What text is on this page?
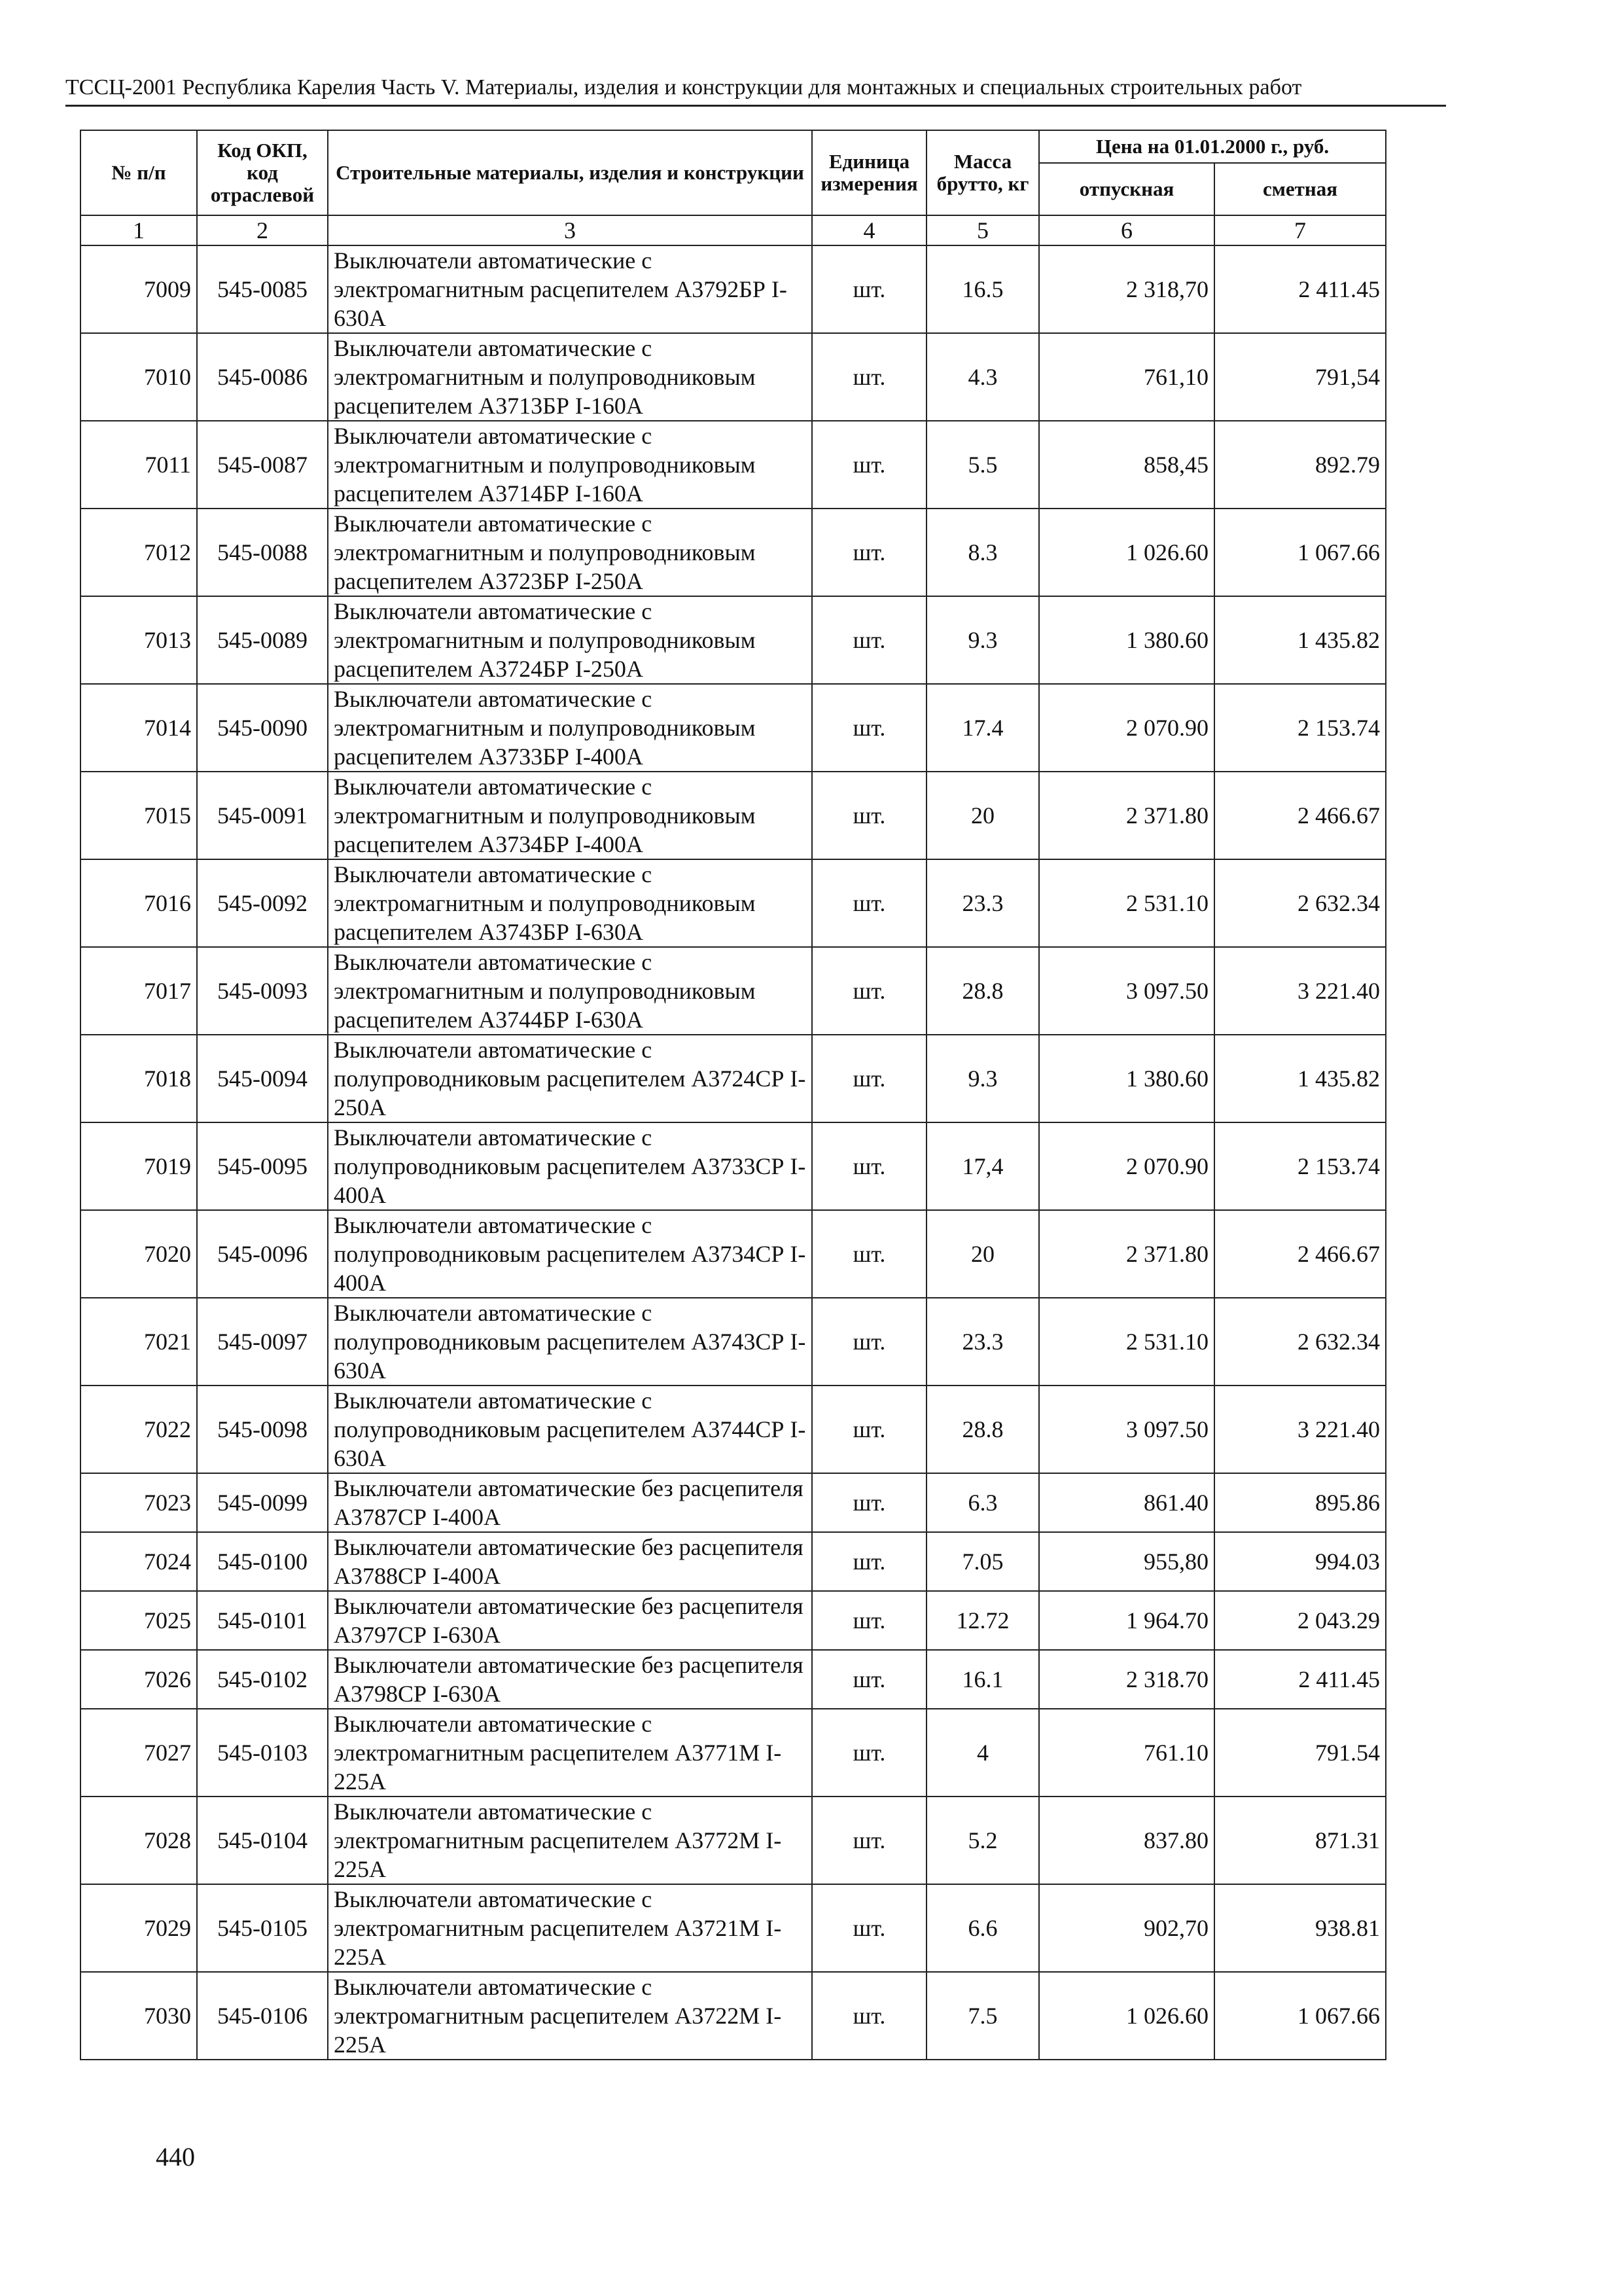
ТССЦ-2001 Республика Карелия Часть V. Материалы, изделия и конструкции для монтажных и специальных строительных работ
№ п/п	Код ОКП, код отраслевой	Строительные материалы, изделия и конструкции	Единица измерения	Масса брутто, кг	Цена на 01.01.2000 г., руб.	
					отпускная	сметная
1	2	3	4	5	6	7
7009	545-0085	Выключатели автоматические с электромагнитным расцепителем А3792БР I-630А	шт.	16.5	2 318,70	2 411.45
7010	545-0086	Выключатели автоматические с электромагнитным и полупроводниковым расцепителем А3713БР I-160А	шт.	4.3	761,10	791,54
7011	545-0087	Выключатели автоматические с электромагнитным и полупроводниковым расцепителем А3714БР I-160А	шт.	5.5	858,45	892.79
7012	545-0088	Выключатели автоматические с электромагнитным и полупроводниковым расцепителем А3723БР I-250А	шт.	8.3	1 026.60	1 067.66
7013	545-0089	Выключатели автоматические с электромагнитным и полупроводниковым расцепителем А3724БР I-250А	шт.	9.3	1 380.60	1 435.82
7014	545-0090	Выключатели автоматические с электромагнитным и полупроводниковым расцепителем А3733БР I-400А	шт.	17.4	2 070.90	2 153.74
7015	545-0091	Выключатели автоматические с электромагнитным и полупроводниковым расцепителем А3734БР I-400А	шт.	20	2 371.80	2 466.67
7016	545-0092	Выключатели автоматические с электромагнитным и полупроводниковым расцепителем А3743БР I-630А	шт.	23.3	2 531.10	2 632.34
7017	545-0093	Выключатели автоматические с электромагнитным и полупроводниковым расцепителем А3744БР I-630А	шт.	28.8	3 097.50	3 221.40
7018	545-0094	Выключатели автоматические с полупроводниковым расцепителем А3724СР I-250А	шт.	9.3	1 380.60	1 435.82
7019	545-0095	Выключатели автоматические с полупроводниковым расцепителем А3733СР I-400А	шт.	17,4	2 070.90	2 153.74
7020	545-0096	Выключатели автоматические с полупроводниковым расцепителем А3734СР I-400А	шт.	20	2 371.80	2 466.67
7021	545-0097	Выключатели автоматические с полупроводниковым расцепителем А3743СР I-630А	шт.	23.3	2 531.10	2 632.34
7022	545-0098	Выключатели автоматические с полупроводниковым расцепителем А3744СР I-630А	шт.	28.8	3 097.50	3 221.40
7023	545-0099	Выключатели автоматические без расцепителя А3787СР I-400А	шт.	6.3	861.40	895.86
7024	545-0100	Выключатели автоматические без расцепителя А3788СР I-400А	шт.	7.05	955,80	994.03
7025	545-0101	Выключатели автоматические без расцепителя А3797СР I-630А	шт.	12.72	1 964.70	2 043.29
7026	545-0102	Выключатели автоматические без расцепителя А3798СР I-630А	шт.	16.1	2 318.70	2 411.45
7027	545-0103	Выключатели автоматические с электромагнитным расцепителем А3771М I-225А	шт.	4	761.10	791.54
7028	545-0104	Выключатели автоматические с электромагнитным расцепителем А3772М I-225А	шт.	5.2	837.80	871.31
7029	545-0105	Выключатели автоматические с электромагнитным расцепителем А3721М I-225А	шт.	6.6	902,70	938.81
7030	545-0106	Выключатели автоматические с электромагнитным расцепителем А3722М I-225А	шт.	7.5	1 026.60	1 067.66
440
